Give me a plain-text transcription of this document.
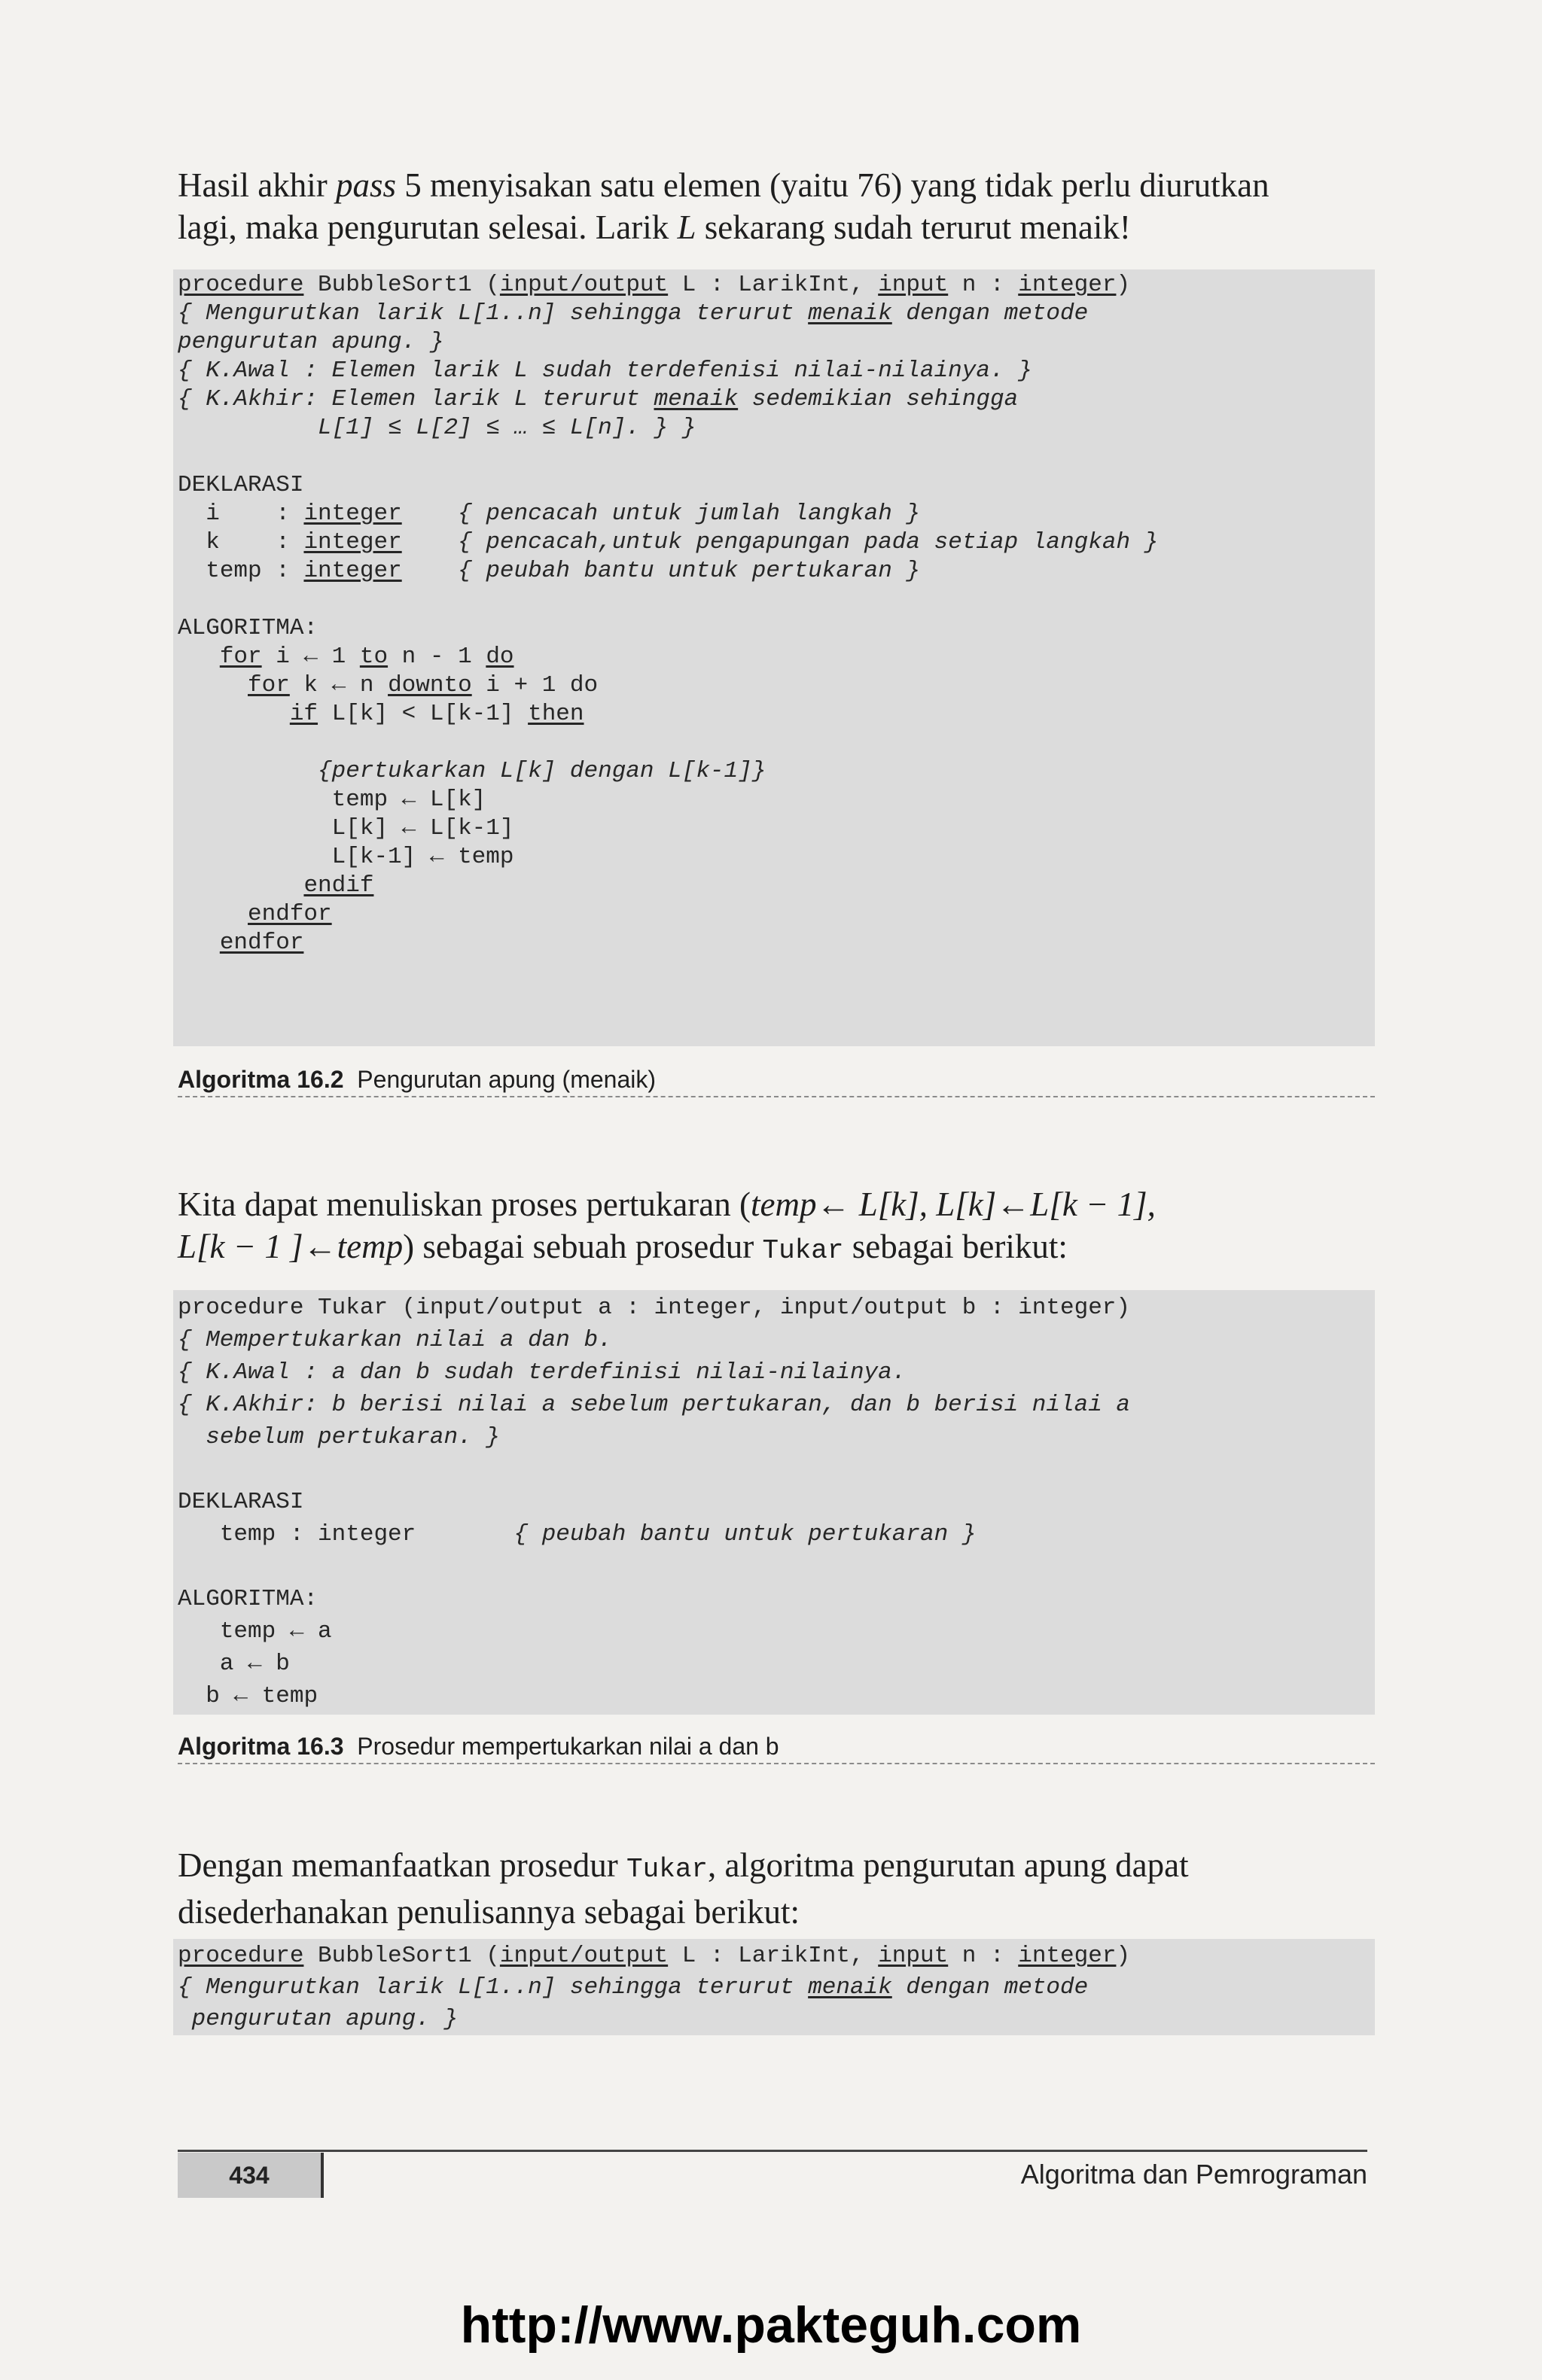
Hasil akhir pass 5 menyisakan satu elemen (yaitu 76) yang tidak perlu diurutkan
lagi, maka pengurutan selesai. Larik L sekarang sudah terurut menaik!

procedure BubbleSort1 (input/output L : LarikInt, input n : integer)
{ Mengurutkan larik L[1..n] sehingga terurut menaik dengan metode
pengurutan apung. }
{ K.Awal : Elemen larik L sudah terdefenisi nilai-nilainya. }
{ K.Akhir: Elemen larik L terurut menaik sedemikian sehingga
L[1] ≤ L[2] ≤ … ≤ L[n]. } }

DEKLARASI
i    : integer { pencacah untuk jumlah langkah }
k    : integer { pencacah,untuk pengapungan pada setiap langkah }
temp : integer { peubah bantu untuk pertukaran }

ALGORITMA:
for i ← 1 to n - 1 do
for k ← n downto i + 1 do
if L[k] < L[k-1] then

{pertukarkan L[k] dengan L[k-1]}
temp ← L[k]
L[k] ← L[k-1]
L[k-1] ← temp
endif
endfor
endfor
Algoritma 16.2 Pengurutan apung (menaik)

Kita dapat menuliskan proses pertukaran (temp← L[k], L[k]←L[k − 1],
L[k − 1 ]←temp) sebagai sebuah prosedur Tukar sebagai berikut:

procedure Tukar (input/output a : integer, input/output b : integer)
{ Mempertukarkan nilai a dan b.
{ K.Awal : a dan b sudah terdefinisi nilai-nilainya.
{ K.Akhir: b berisi nilai a sebelum pertukaran, dan b berisi nilai a
sebelum pertukaran. }

DEKLARASI
temp : integer	{ peubah bantu untuk pertukaran }

ALGORITMA:
temp ← a
a ← b
b ← temp
Algoritma 16.3 Prosedur mempertukarkan nilai a dan b

Dengan memanfaatkan prosedur Tukar, algoritma pengurutan apung dapat
disederhanakan penulisannya sebagai berikut:

procedure BubbleSort1 (input/output L : LarikInt, input n : integer)
{ Mengurutkan larik L[1..n] sehingga terurut menaik dengan metode
pengurutan apung. }
434	Algoritma dan Pemrograman
http://www.pakteguh.com
